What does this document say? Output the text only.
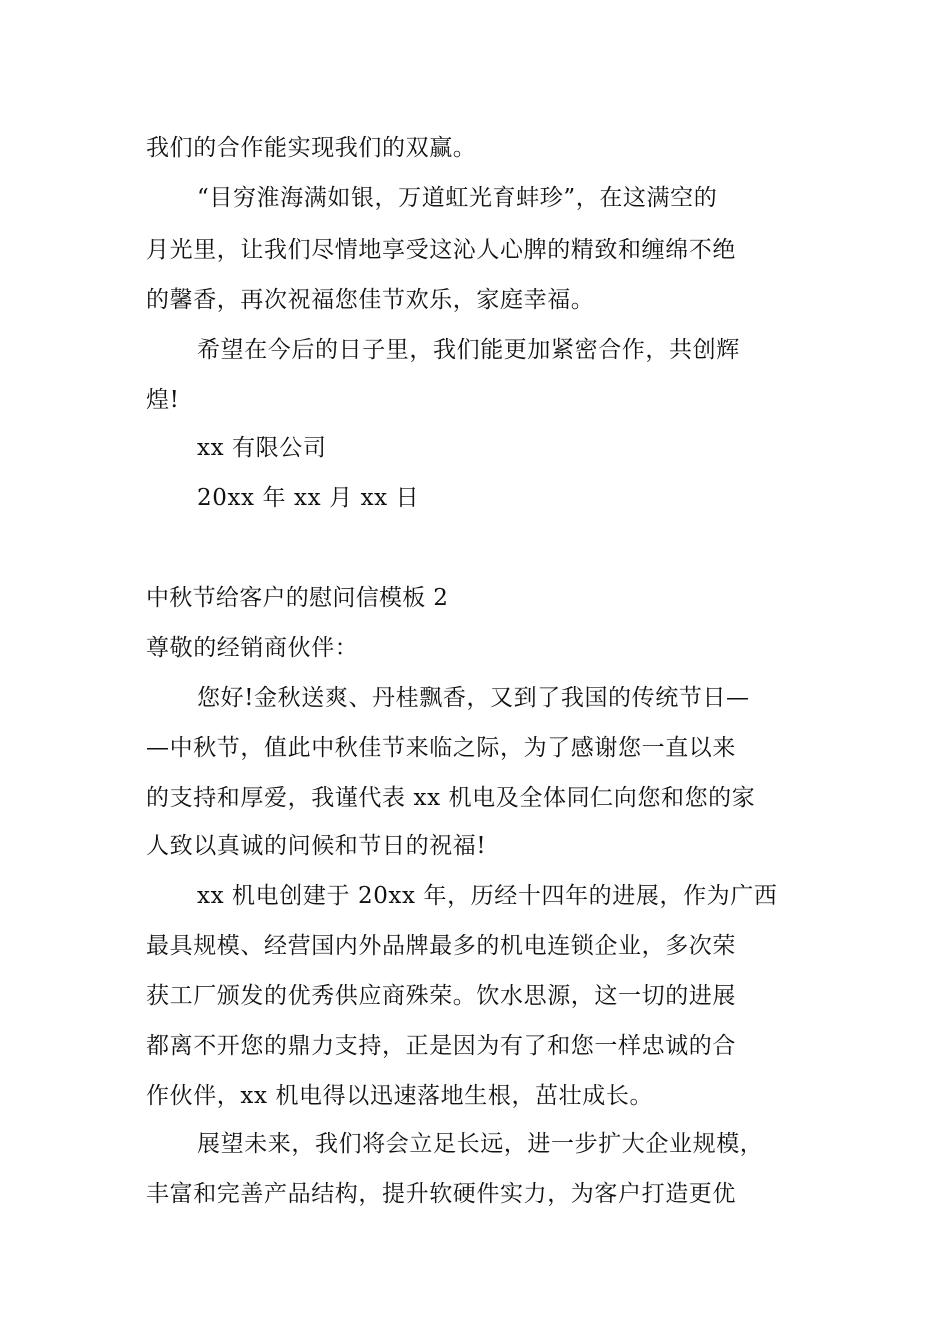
我们的合作能实现我们的双赢。
“目穷淮海满如银，万道虹光育蚌珍”，在这满空的
月光里，让我们尽情地享受这沁人心脾的精致和缠绵不绝
的馨香，再次祝福您佳节欢乐，家庭幸福。
希望在今后的日子里，我们能更加紧密合作，共创辉
煌!
xx 有限公司
20xx 年 xx 月 xx 日
中秋节给客户的慰问信模板 2
尊敬的经销商伙伴：
您好!金秋送爽、丹桂飘香，又到了我国的传统节日—
—中秋节，值此中秋佳节来临之际，为了感谢您一直以来
的支持和厚爱，我谨代表 xx 机电及全体同仁向您和您的家
人致以真诚的问候和节日的祝福!
xx 机电创建于 20xx 年，历经十四年的进展，作为广西
最具规模、经营国内外品牌最多的机电连锁企业，多次荣
获工厂颁发的优秀供应商殊荣。饮水思源，这一切的进展
都离不开您的鼎力支持，正是因为有了和您一样忠诚的合
作伙伴，xx 机电得以迅速落地生根，茁壮成长。
展望未来，我们将会立足长远，进一步扩大企业规模，
丰富和完善产品结构，提升软硬件实力，为客户打造更优
